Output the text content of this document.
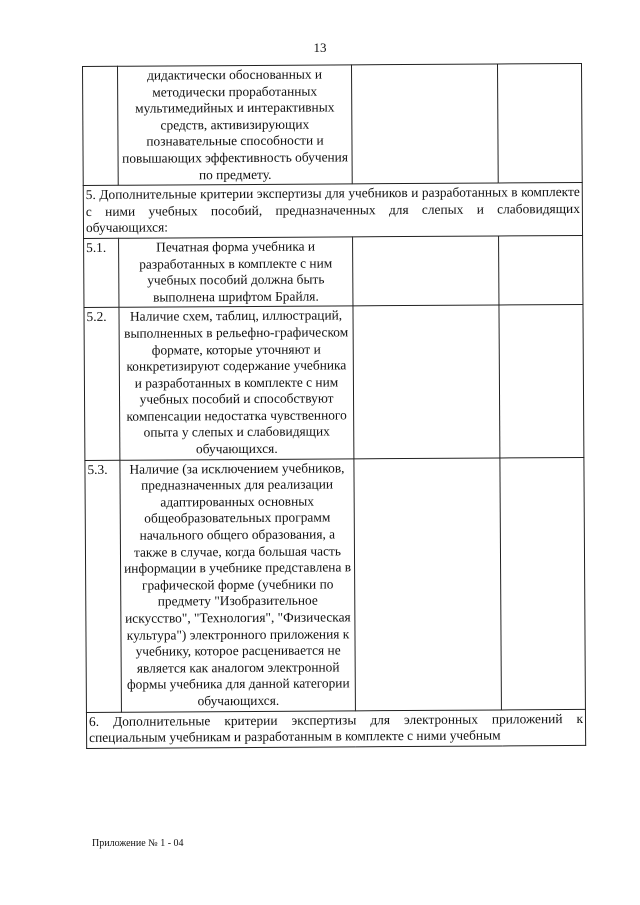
13
	дидактически обоснованных и методически проработанных мультимедийных и интерактивных средств, активизирующих познавательные способности и повышающих эффективность обучения по предмету.		
5. Дополнительные критерии экспертизы для учебников и разработанных в комплекте с ними учебных пособий, предназначенных для слепых и слабовидящих обучающихся:			
5.1.	Печатная форма учебника и разработанных в комплекте с ним учебных пособий должна быть выполнена шрифтом Брайля.		
5.2.	Наличие схем, таблиц, иллюстраций, выполненных в рельефно-графическом формате, которые уточняют и конкретизируют содержание учебника и разработанных в комплекте с ним учебных пособий и способствуют компенсации недостатка чувственного опыта у слепых и слабовидящих обучающихся.		
5.3.	Наличие (за исключением учебников, предназначенных для реализации адаптированных основных общеобразовательных программ начального общего образования, а также в случае, когда большая часть информации в учебнике представлена в графической форме (учебники по предмету "Изобразительное искусство", "Технология", "Физическая культура") электронного приложения к учебнику, которое расценивается не является как аналогом электронной формы учебника для данной категории обучающихся.		
6. Дополнительные критерии экспертизы для электронных приложений к специальным учебникам и разработанным в комплекте с ними учебным			
Приложение № 1 - 04
